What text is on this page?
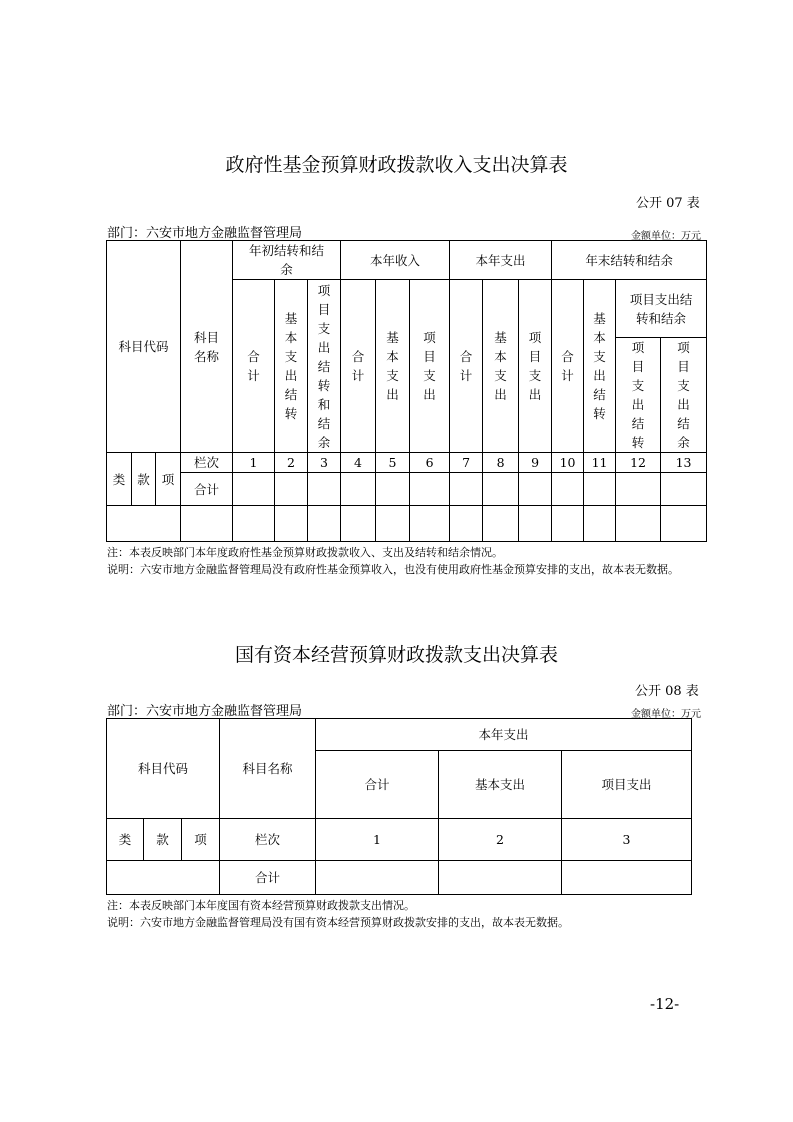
政府性基金预算财政拨款收入支出决算表
公开 07 表
部门：六安市地方金融监督管理局	金额单位：万元
科目代码			科目名称	年初结转和结余			本年收入			本年支出			年末结转和结余			
				合计	基本支出结转	项目支出结转和结余	合计	基本支出	项目支出	合计	基本支出	项目支出	合计	基本支出结转	项目支出结转和结余	
															项目支出结转	项目支出结余

类	款	项	栏次	1	2	3	4	5	6	7	8	9	10	11	12	13
			合计													

注：本表反映部门本年度政府性基金预算财政拨款收入、支出及结转和结余情况。
说明：六安市地方金融监督管理局没有政府性基金预算收入，也没有使用政府性基金预算安排的支出，故本表无数据。
国有资本经营预算财政拨款支出决算表
公开 08 表
部门：六安市地方金融监督管理局	金额单位：万元
科目代码			科目名称	本年支出		
				合计	基本支出	项目支出
类	款	项	栏次	1	2	3
			合计			
注：本表反映部门本年度国有资本经营预算财政拨款支出情况。
说明：六安市地方金融监督管理局没有国有资本经营预算财政拨款安排的支出，故本表无数据。
-12-
